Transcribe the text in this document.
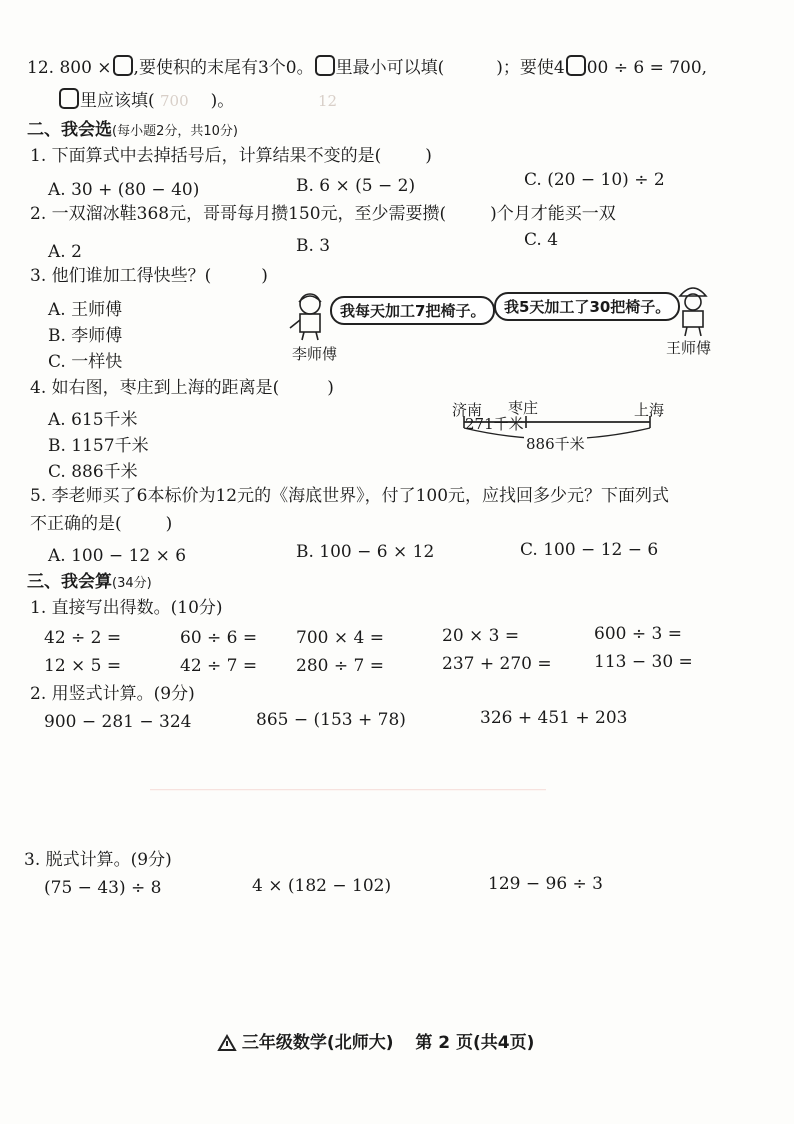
700	12
____________________________________________
12. 800 × ,要使积的末尾有3个0。 里最小可以填(	)；要使4 00 ÷ 6 = 700,
里应该填(	)。
二、我会选(每小题2分，共10分)
1. 下面算式中去掉括号后，计算结果不变的是(	)
A. 30 + (80 − 40)	B. 6 × (5 − 2)	C. (20 − 10) ÷ 2
2. 一双溜冰鞋368元，哥哥每月攒150元，至少需要攒(	)个月才能买一双
A. 2	B. 3	C. 4
3. 他们谁加工得快些？(	)
A. 王师傅
B. 李师傅
C. 一样快
我每天加工7把椅子。
李师傅
我5天加工了30把椅子。
王师傅
4. 如右图，枣庄到上海的距离是(	)
A. 615千米
B. 1157千米
C. 886千米
济南 枣庄	上海
271千米
886千米
5. 李老师买了6本标价为12元的《海底世界》，付了100元，应找回多少元？下面列式
不正确的是(	)
A. 100 − 12 × 6	B. 100 − 6 × 12	C. 100 − 12 − 6
三、我会算(34分)
1. 直接写出得数。(10分)
42 ÷ 2 =	60 ÷ 6 = 700 × 4 =	20 × 3 =	600 ÷ 3 =
12 × 5 =	42 ÷ 7 = 280 ÷ 7 =	237 + 270 = 113 − 30 =
2. 用竖式计算。(9分)
900 − 281 − 324	865 − (153 + 78)	326 + 451 + 203
3. 脱式计算。(9分)
(75 − 43) ÷ 8	4 × (182 − 102)	129 − 96 ÷ 3
三年级数学(北师大) 第 2 页(共4页)
